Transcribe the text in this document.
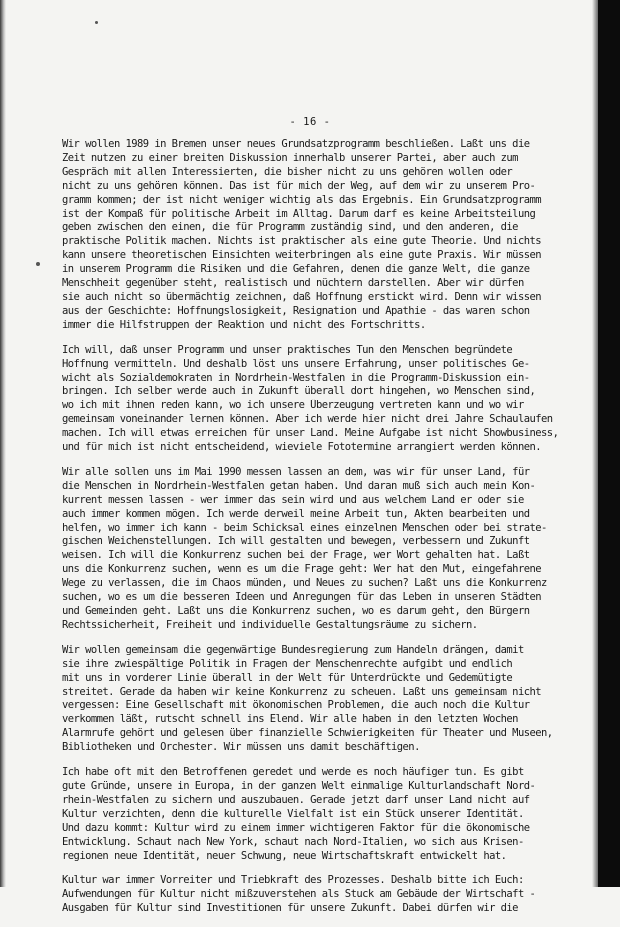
- 16 -

Wir wollen 1989 in Bremen unser neues Grundsatzprogramm beschließen. Laßt uns die
Zeit nutzen zu einer breiten Diskussion innerhalb unserer Partei, aber auch zum
Gespräch mit allen Interessierten, die bisher nicht zu uns gehören wollen oder
nicht zu uns gehören können. Das ist für mich der Weg, auf dem wir zu unserem Pro-
gramm kommen; der ist nicht weniger wichtig als das Ergebnis. Ein Grundsatzprogramm
ist der Kompaß für politische Arbeit im Alltag. Darum darf es keine Arbeitsteilung
geben zwischen den einen, die für Programm zuständig sind, und den anderen, die
praktische Politik machen. Nichts ist praktischer als eine gute Theorie. Und nichts
kann unsere theoretischen Einsichten weiterbringen als eine gute Praxis. Wir müssen
in unserem Programm die Risiken und die Gefahren, denen die ganze Welt, die ganze
Menschheit gegenüber steht, realistisch und nüchtern darstellen. Aber wir dürfen
sie auch nicht so übermächtig zeichnen, daß Hoffnung erstickt wird. Denn wir wissen
aus der Geschichte: Hoffnungslosigkeit, Resignation und Apathie - das waren schon
immer die Hilfstruppen der Reaktion und nicht des Fortschritts.

Ich will, daß unser Programm und unser praktisches Tun den Menschen begründete
Hoffnung vermitteln. Und deshalb löst uns unsere Erfahrung, unser politisches Ge-
wicht als Sozialdemokraten in Nordrhein-Westfalen in die Programm-Diskussion ein-
bringen. Ich selber werde auch in Zukunft überall dort hingehen, wo Menschen sind,
wo ich mit ihnen reden kann, wo ich unsere Überzeugung vertreten kann und wo wir
gemeinsam voneinander lernen können. Aber ich werde hier nicht drei Jahre Schaulaufen
machen. Ich will etwas erreichen für unser Land. Meine Aufgabe ist nicht Showbusiness,
und für mich ist nicht entscheidend, wieviele Fototermine arrangiert werden können.

Wir alle sollen uns im Mai 1990 messen lassen an dem, was wir für unser Land, für
die Menschen in Nordrhein-Westfalen getan haben. Und daran muß sich auch mein Kon-
kurrent messen lassen - wer immer das sein wird und aus welchem Land er oder sie
auch immer kommen mögen. Ich werde derweil meine Arbeit tun, Akten bearbeiten und
helfen, wo immer ich kann - beim Schicksal eines einzelnen Menschen oder bei strate-
gischen Weichenstellungen. Ich will gestalten und bewegen, verbessern und Zukunft
weisen. Ich will die Konkurrenz suchen bei der Frage, wer Wort gehalten hat. Laßt
uns die Konkurrenz suchen, wenn es um die Frage geht: Wer hat den Mut, eingefahrene
Wege zu verlassen, die im Chaos münden, und Neues zu suchen? Laßt uns die Konkurrenz
suchen, wo es um die besseren Ideen und Anregungen für das Leben in unseren Städten
und Gemeinden geht. Laßt uns die Konkurrenz suchen, wo es darum geht, den Bürgern
Rechtssicherheit, Freiheit und individuelle Gestaltungsräume zu sichern.

Wir wollen gemeinsam die gegenwärtige Bundesregierung zum Handeln drängen, damit
sie ihre zwiespältige Politik in Fragen der Menschenrechte aufgibt und endlich
mit uns in vorderer Linie überall in der Welt für Unterdrückte und Gedemütigte
streitet. Gerade da haben wir keine Konkurrenz zu scheuen. Laßt uns gemeinsam nicht
vergessen: Eine Gesellschaft mit ökonomischen Problemen, die auch noch die Kultur
verkommen läßt, rutscht schnell ins Elend. Wir alle haben in den letzten Wochen
Alarmrufe gehört und gelesen über finanzielle Schwierigkeiten für Theater und Museen,
Bibliotheken und Orchester. Wir müssen uns damit beschäftigen.

Ich habe oft mit den Betroffenen geredet und werde es noch häufiger tun. Es gibt
gute Gründe, unsere in Europa, in der ganzen Welt einmalige Kulturlandschaft Nord-
rhein-Westfalen zu sichern und auszubauen. Gerade jetzt darf unser Land nicht auf
Kultur verzichten, denn die kulturelle Vielfalt ist ein Stück unserer Identität.
Und dazu kommt: Kultur wird zu einem immer wichtigeren Faktor für die ökonomische
Entwicklung. Schaut nach New York, schaut nach Nord-Italien, wo sich aus Krisen-
regionen neue Identität, neuer Schwung, neue Wirtschaftskraft entwickelt hat.

Kultur war immer Vorreiter und Triebkraft des Prozesses. Deshalb bitte ich Euch:
Aufwendungen für Kultur nicht mißzuverstehen als Stuck am Gebäude der Wirtschaft -
Ausgaben für Kultur sind Investitionen für unsere Zukunft. Dabei dürfen wir die
